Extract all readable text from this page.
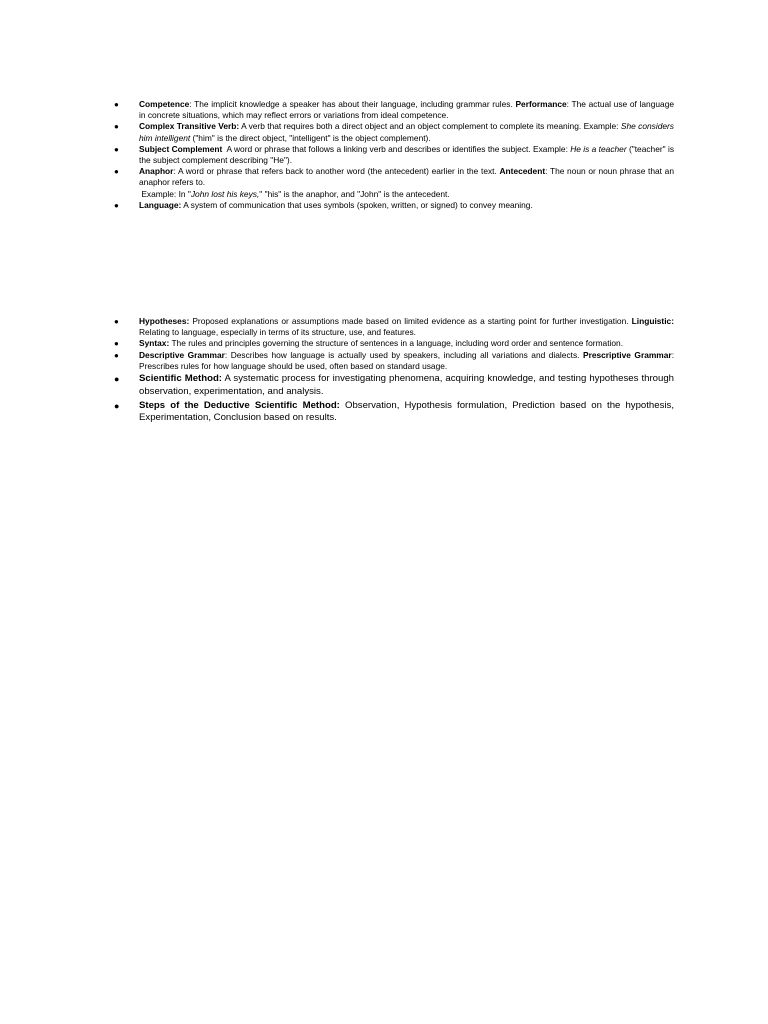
● Competence: The implicit knowledge a speaker has about their language, including grammar rules. Performance: The actual use of language in concrete situations, which may reflect errors or variations from ideal competence.
● Complex Transitive Verb: A verb that requires both a direct object and an object complement to complete its meaning. Example: She considers him intelligent ("him" is the direct object, "intelligent" is the object complement).
● Subject Complement  A word or phrase that follows a linking verb and describes or identifies the subject. Example: He is a teacher ("teacher" is the subject complement describing "He").
● Anaphor: A word or phrase that refers back to another word (the antecedent) earlier in the text. Antecedent: The noun or noun phrase that an anaphor refers to.
Example: In "John lost his keys," "his" is the anaphor, and "John" is the antecedent.
● Language: A system of communication that uses symbols (spoken, written, or signed) to convey meaning.
● Hypotheses: Proposed explanations or assumptions made based on limited evidence as a starting point for further investigation. Linguistic: Relating to language, especially in terms of its structure, use, and features.
● Syntax: The rules and principles governing the structure of sentences in a language, including word order and sentence formation.
● Descriptive Grammar: Describes how language is actually used by speakers, including all variations and dialects. Prescriptive Grammar: Prescribes rules for how language should be used, often based on standard usage.
● Scientific Method: A systematic process for investigating phenomena, acquiring knowledge, and testing hypotheses through observation, experimentation, and analysis.
● Steps of the Deductive Scientific Method: Observation, Hypothesis formulation, Prediction based on the hypothesis, Experimentation, Conclusion based on results.
